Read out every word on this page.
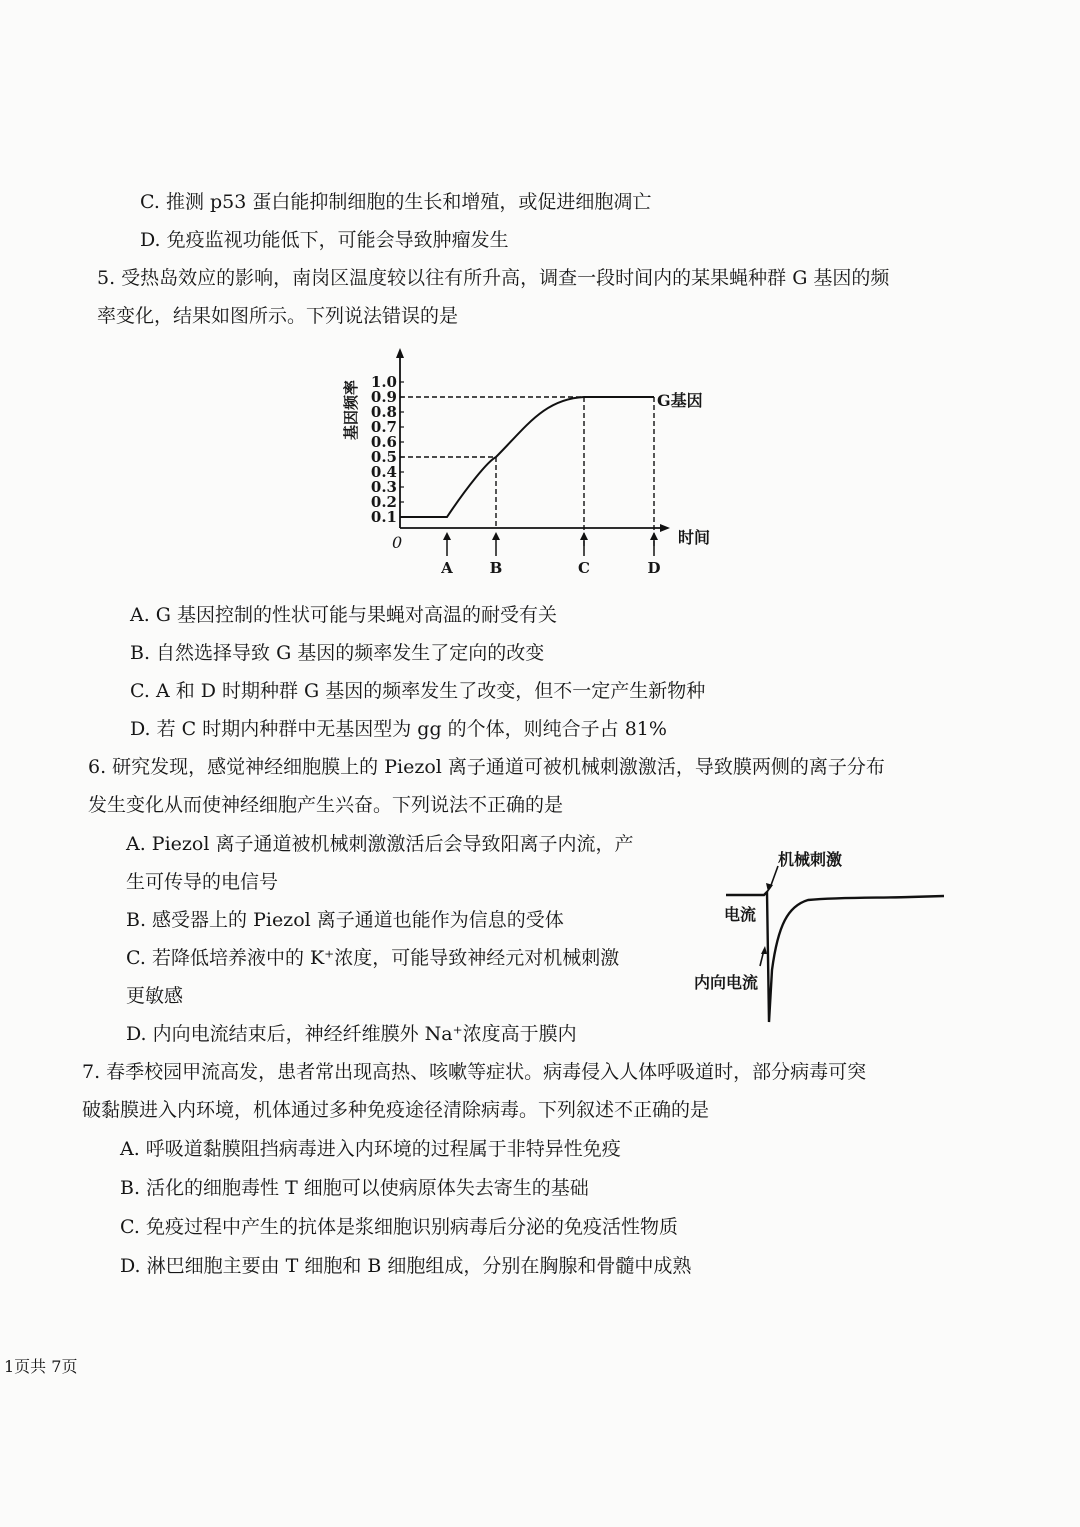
C. 推测 p53 蛋白能抑制细胞的生长和增殖，或促进细胞凋亡
D. 免疫监视功能低下，可能会导致肿瘤发生
5. 受热岛效应的影响，南岗区温度较以往有所升高，调查一段时间内的某果蝇种群 G 基因的频
率变化，结果如图所示。下列说法错误的是
1.0
0.9
0.8
0.7
0.6
0.5
0.4
0.3
0.2
0.1
A B	C	D
基因频率
时间
0
G基因
A. G 基因控制的性状可能与果蝇对高温的耐受有关
B. 自然选择导致 G 基因的频率发生了定向的改变
C. A 和 D 时期种群 G 基因的频率发生了改变，但不一定产生新物种
D. 若 C 时期内种群中无基因型为 gg 的个体，则纯合子占 81%
6. 研究发现，感觉神经细胞膜上的 Piezol 离子通道可被机械刺激激活，导致膜两侧的离子分布
发生变化从而使神经细胞产生兴奋。下列说法不正确的是
A. Piezol 离子通道被机械刺激激活后会导致阳离子内流，产
生可传导的电信号
B. 感受器上的 Piezol 离子通道也能作为信息的受体
C. 若降低培养液中的 K⁺浓度，可能导致神经元对机械刺激
更敏感
D. 内向电流结束后，神经纤维膜外 Na⁺浓度高于膜内
机械刺激
电流
内向电流
7. 春季校园甲流高发，患者常出现高热、咳嗽等症状。病毒侵入人体呼吸道时，部分病毒可突
破黏膜进入内环境，机体通过多种免疫途径清除病毒。下列叙述不正确的是
A. 呼吸道黏膜阻挡病毒进入内环境的过程属于非特异性免疫
B. 活化的细胞毒性 T 细胞可以使病原体失去寄生的基础
C. 免疫过程中产生的抗体是浆细胞识别病毒后分泌的免疫活性物质
D. 淋巴细胞主要由 T 细胞和 B 细胞组成，分别在胸腺和骨髓中成熟
1页共 7页
